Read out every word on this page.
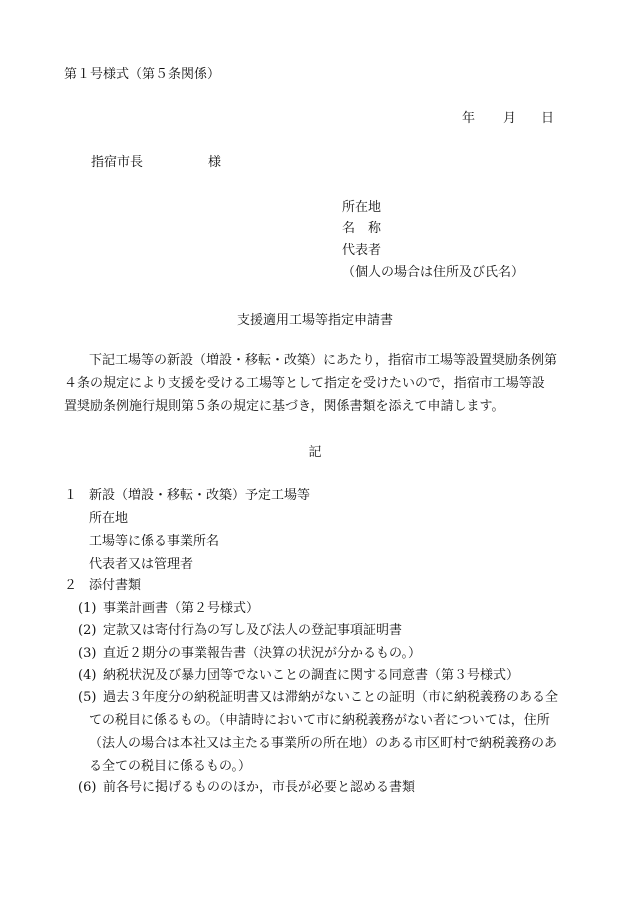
第１号様式（第５条関係）
年 月 日
指宿市長	様
所在地
名　称
代表者
（個人の場合は住所及び氏名）
支援適用工場等指定申請書
下記工場等の新設（増設・移転・改築）にあたり，指宿市工場等設置奨励条例第
４条の規定により支援を受ける工場等として指定を受けたいので，指宿市工場等設
置奨励条例施行規則第５条の規定に基づき，関係書類を添えて申請します。
記
１ 新設（増設・移転・改築）予定工場等
所在地
工場等に係る事業所名
代表者又は管理者
２ 添付書類
(1) 事業計画書（第２号様式）
(2) 定款又は寄付行為の写し及び法人の登記事項証明書
(3) 直近２期分の事業報告書（決算の状況が分かるもの。）
(4) 納税状況及び暴力団等でないことの調査に関する同意書（第３号様式）
(5) 過去３年度分の納税証明書又は滞納がないことの証明（市に納税義務のある全
ての税目に係るもの。（申請時において市に納税義務がない者については，住所
（法人の場合は本社又は主たる事業所の所在地）のある市区町村で納税義務のあ
る全ての税目に係るもの。）
(6) 前各号に掲げるもののほか，市長が必要と認める書類
